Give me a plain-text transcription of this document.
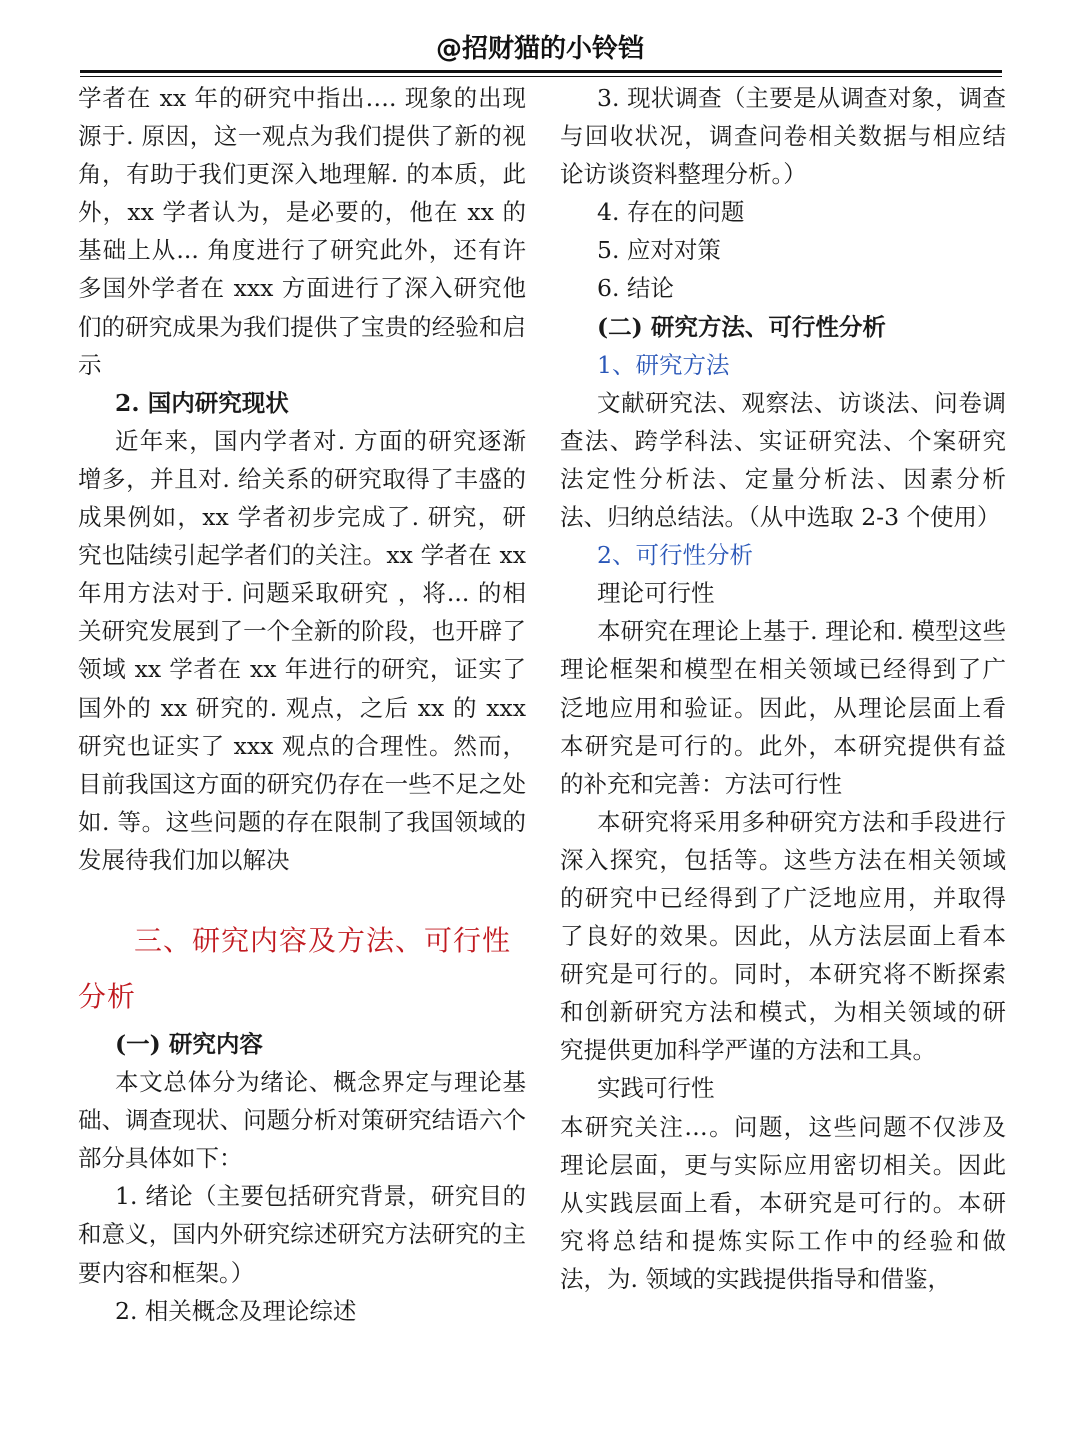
@招财猫的小铃铛

学者在 xx 年的研究中指出…. 现象的出现源于. 原因，这一观点为我们提供了新的视角，有助于我们更深入地理解. 的本质，此外，xx 学者认为，是必要的，他在 xx 的基础上从... 角度进行了研究此外，还有许多国外学者在 xxx 方面进行了深入研究他们的研究成果为我们提供了宝贵的经验和启示

2. 国内研究现状

近年来，国内学者对. 方面的研究逐渐增多，并且对. 给关系的研究取得了丰盛的成果例如，xx 学者初步完成了. 研究，研究也陆续引起学者们的关注。xx 学者在 xx 年用方法对于. 问题采取研究 ，将... 的相关研究发展到了一个全新的阶段，也开辟了领域 xx 学者在 xx 年进行的研究，证实了国外的 xx 研究的. 观点，之后 xx 的 xxx 研究也证实了 xxx 观点的合理性。然而，目前我国这方面的研究仍存在一些不足之处如. 等。这些问题的存在限制了我国领域的发展待我们加以解决

三、研究内容及方法、可行性分析

(一) 研究内容

本文总体分为绪论、概念界定与理论基础、调查现状、问题分析对策研究结语六个部分具体如下：

1. 绪论（主要包括研究背景，研究目的和意义，国内外研究综述研究方法研究的主要内容和框架。）

2. 相关概念及理论综述

3. 现状调查（主要是从调查对象，调查与回收状况，调查问卷相关数据与相应结论访谈资料整理分析。）

4. 存在的问题

5. 应对对策

6. 结论

(二) 研究方法、可行性分析

1、研究方法

文献研究法、观察法、访谈法、问卷调查法、跨学科法、实证研究法、个案研究法定性分析法、定量分析法、因素分析法、归纳总结法。（从中选取 2-3 个使用）

2、可行性分析

理论可行性

本研究在理论上基于. 理论和. 模型这些理论框架和模型在相关领域已经得到了广泛地应用和验证。因此，从理论层面上看本研究是可行的。此外，本研究提供有益的补充和完善：方法可行性

本研究将采用多种研究方法和手段进行深入探究，包括等。这些方法在相关领域的研究中已经得到了广泛地应用，并取得了良好的效果。因此，从方法层面上看本研究是可行的。同时，本研究将不断探索和创新研究方法和模式，为相关领域的研究提供更加科学严谨的方法和工具。

实践可行性

本研究关注…。问题，这些问题不仅涉及理论层面，更与实际应用密切相关。因此从实践层面上看，本研究是可行的。本研究将总结和提炼实际工作中的经验和做法，为. 领域的实践提供指导和借鉴，
